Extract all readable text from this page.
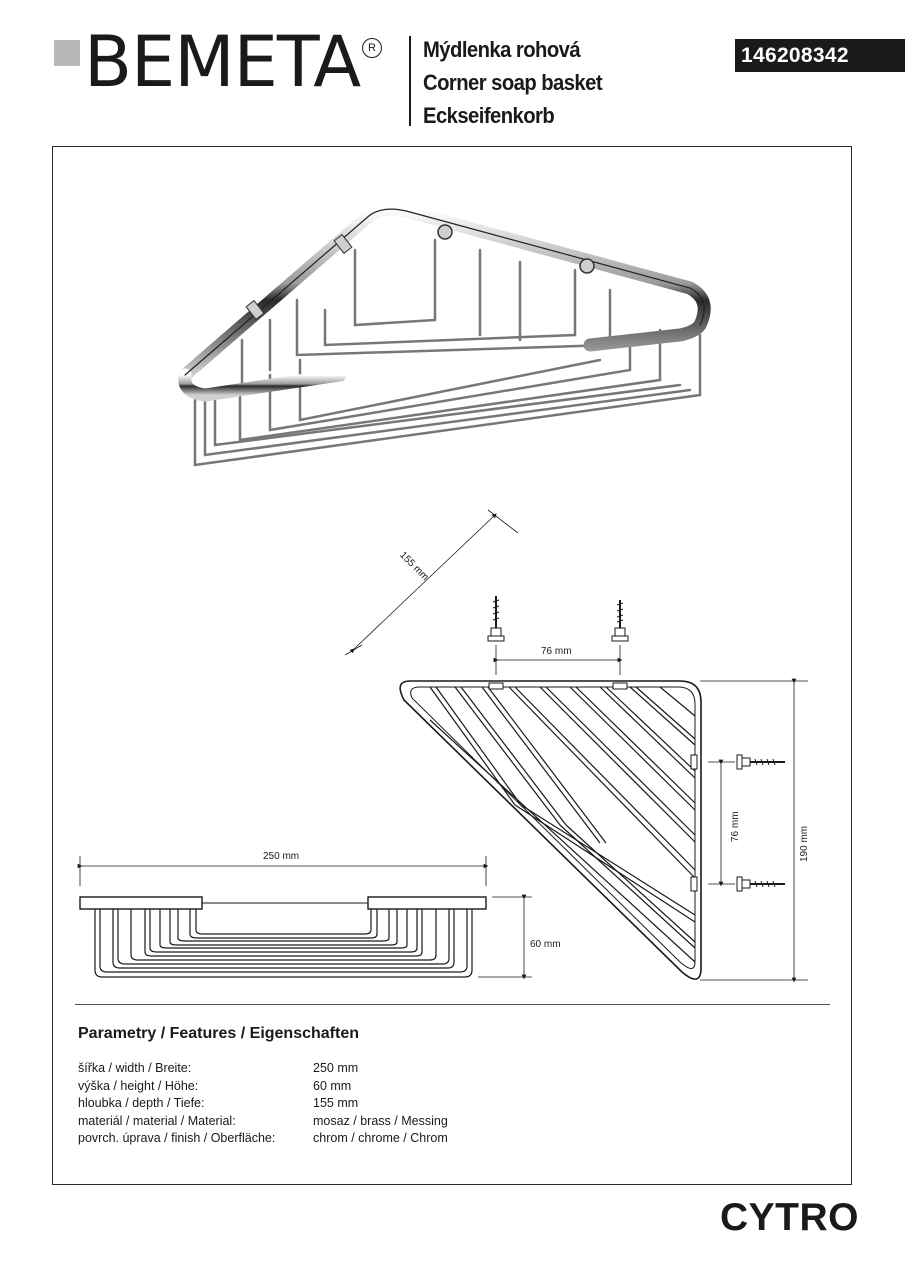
BEMETA R Mýdlenka rohová
Corner soap basket
Eckseifenkorb
146208342
155 mm
76 mm
76 mm	190 mm
250 mm
60 mm
Parametry / Features / Eigenschaften
šířka / width / Breite:	250 mm
výška / height / Höhe:	60 mm
hloubka / depth / Tiefe:	155 mm
materiál / material / Material:	mosaz / brass / Messing
povrch. úprava / finish / Oberfläche:	chrom / chrome / Chrom
CYTRO
